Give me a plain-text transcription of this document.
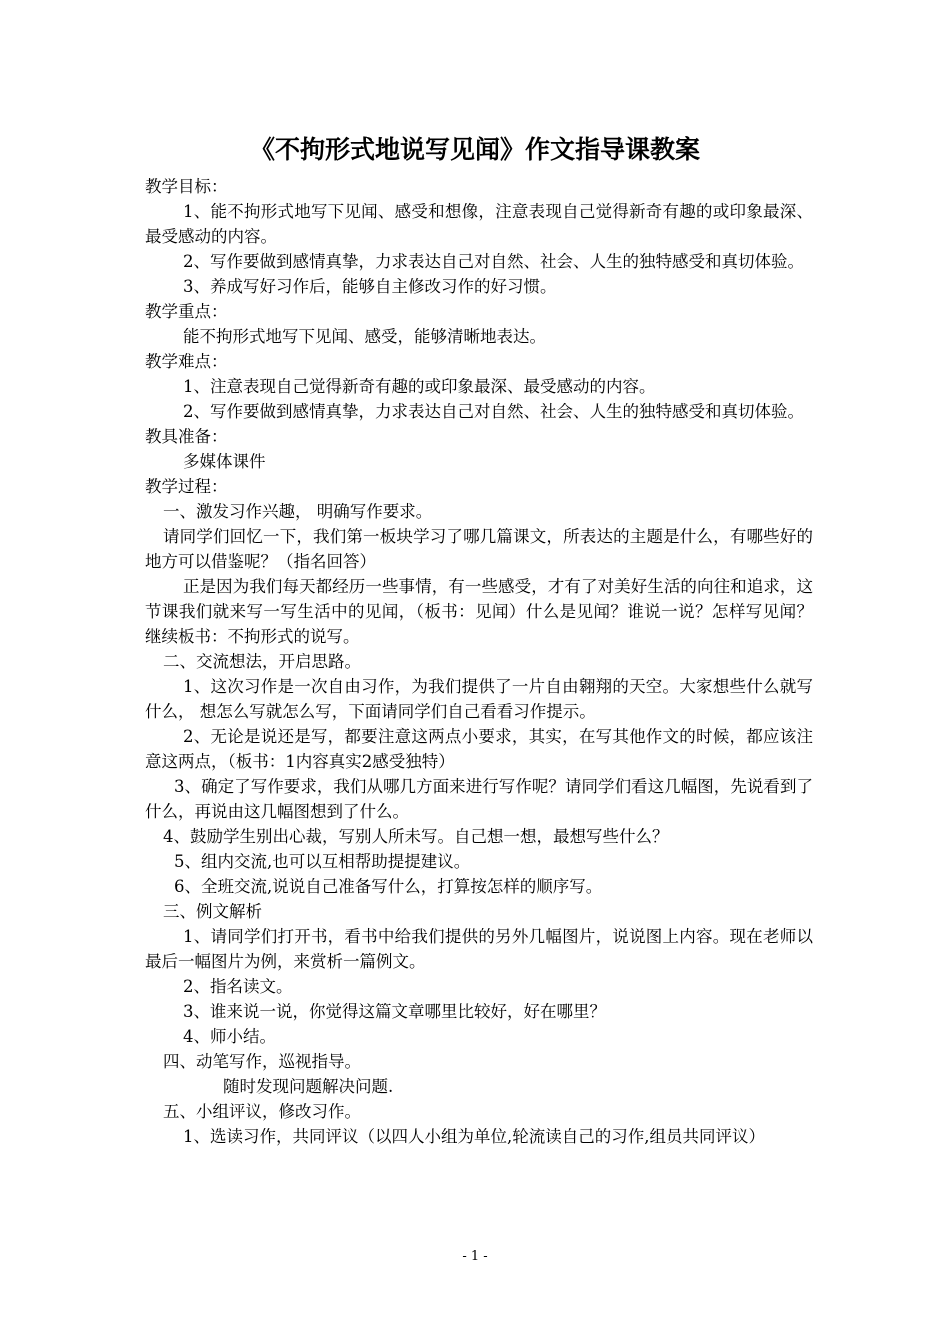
《不拘形式地说写见闻》作文指导课教案

教学目标：

1、能不拘形式地写下见闻、感受和想像，注意表现自己觉得新奇有趣的或印象最深、最受感动的内容。

2、写作要做到感情真挚，力求表达自己对自然、社会、人生的独特感受和真切体验。

3、养成写好习作后，能够自主修改习作的好习惯。

教学重点：

能不拘形式地写下见闻、感受，能够清晰地表达。

教学难点：

1、注意表现自己觉得新奇有趣的或印象最深、最受感动的内容。

2、写作要做到感情真挚，力求表达自己对自然、社会、人生的独特感受和真切体验。

教具准备：

多媒体课件

教学过程：

一、激发习作兴趣， 明确写作要求。

请同学们回忆一下，我们第一板块学习了哪几篇课文，所表达的主题是什么，有哪些好的地方可以借鉴呢？（指名回答）

正是因为我们每天都经历一些事情，有一些感受，才有了对美好生活的向往和追求，这节课我们就来写一写生活中的见闻，（板书：见闻）什么是见闻？谁说一说？怎样写见闻？继续板书：不拘形式的说写。

二、交流想法，开启思路。

1、这次习作是一次自由习作，为我们提供了一片自由翱翔的天空。大家想些什么就写什么， 想怎么写就怎么写，下面请同学们自己看看习作提示。

2、无论是说还是写，都要注意这两点小要求，其实，在写其他作文的时候，都应该注意这两点，（板书：1内容真实2感受独特）

3、确定了写作要求，我们从哪几方面来进行写作呢？请同学们看这几幅图，先说看到了什么，再说由这几幅图想到了什么。

4、鼓励学生别出心裁，写别人所未写。自己想一想，最想写些什么？

5、组内交流,也可以互相帮助提提建议。

6、全班交流,说说自己准备写什么，打算按怎样的顺序写。

三、例文解析

1、请同学们打开书，看书中给我们提供的另外几幅图片，说说图上内容。现在老师以最后一幅图片为例，来赏析一篇例文。

2、指名读文。

3、谁来说一说，你觉得这篇文章哪里比较好，好在哪里？

4、师小结。

四、动笔写作，巡视指导。

随时发现问题解决问题.

五、小组评议，修改习作。

1、选读习作，共同评议（以四人小组为单位,轮流读自己的习作,组员共同评议）

- 1 -
